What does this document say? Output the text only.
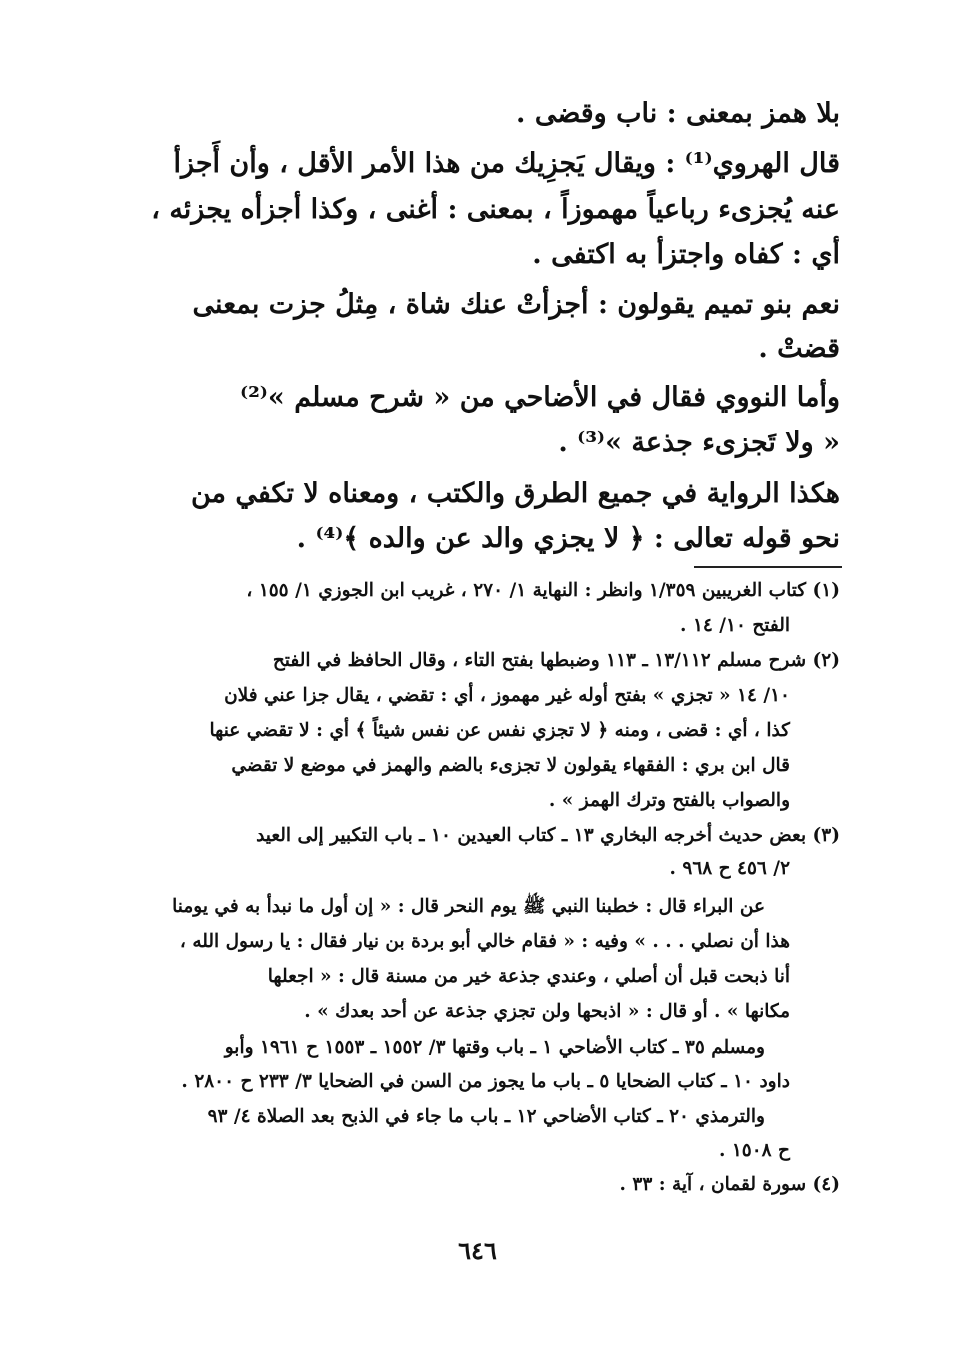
بلا همز بمعنى : ناب وقضى .
قال الهروي⁽¹⁾ : ويقال يَجزِيك من هذا الأمر الأقل ، وأن أَجزأ
عنه يُجزىء رباعياً مهموزاً ، بمعنى : أغنى ، وكذا أجزأه يجزئه ،
أي : كفاه واجتزأ به اكتفى .
نعم بنو تميم يقولون : أجزأتْ عنك شاة ، مِثلُ جزت بمعنى
قضتْ .
وأما النووي فقال في الأضاحي من « شرح مسلم »⁽²⁾
« ولا تَجزىء جذعة »⁽³⁾ .
هكذا الرواية في جميع الطرق والكتب ، ومعناه لا تكفي من
نحو قوله تعالى : ﴿ لا يجزي والد عن والده ﴾⁽⁴⁾ .
(١) كتاب الغريبين ١/٣٥٩ وانظر : النهاية ١/ ٢٧٠ ، غريب ابن الجوزي ١/ ١٥٥ ،
الفتح ١٠/ ١٤ .
(٢) شرح مسلم ١٣/١١٢ ـ ١١٣ وضبطها بفتح التاء ، وقال الحافظ في الفتح
١٠/ ١٤ « تجزي » بفتح أوله غير مهموز ، أي : تقضي ، يقال جزا عني فلان
كذا ، أي : قضى ، ومنه ﴿ لا تجزي نفس عن نفس شيئاً ﴾ أي : لا تقضي عنها
قال ابن بري : الفقهاء يقولون لا تجزىء بالضم والهمز في موضع لا تقضي
والصواب بالفتح وترك الهمز » .
(٣) بعض حديث أخرجه البخاري ١٣ ـ كتاب العيدين ١٠ ـ باب التكبير إلى العيد
٢/ ٤٥٦ ح ٩٦٨ .
عن البراء قال : خطبنا النبي ﷺ يوم النحر قال : « إن أول ما نبدأ به في يومنا
هذا أن نصلي . . . » وفيه : « فقام خالي أبو بردة بن نيار فقال : يا رسول الله ،
أنا ذبحت قبل أن أصلي ، وعندي جذعة خير من مسنة قال : « اجعلها
مكانها » . أو قال : « اذبحها ولن تجزي جذعة عن أحد بعدك » .
ومسلم ٣٥ ـ كتاب الأضاحي ١ ـ باب وقتها ٣/ ١٥٥٢ ـ ١٥٥٣ ح ١٩٦١ وأبو
داود ١٠ ـ كتاب الضحايا ٥ ـ باب ما يجوز من السن في الضحايا ٣/ ٢٣٣ ح ٢٨٠٠ .
والترمذي ٢٠ ـ كتاب الأضاحي ١٢ ـ باب ما جاء في الذبح بعد الصلاة ٤/ ٩٣
ح ١٥٠٨ .
(٤) سورة لقمان ، آية : ٣٣ .
٦٤٦
